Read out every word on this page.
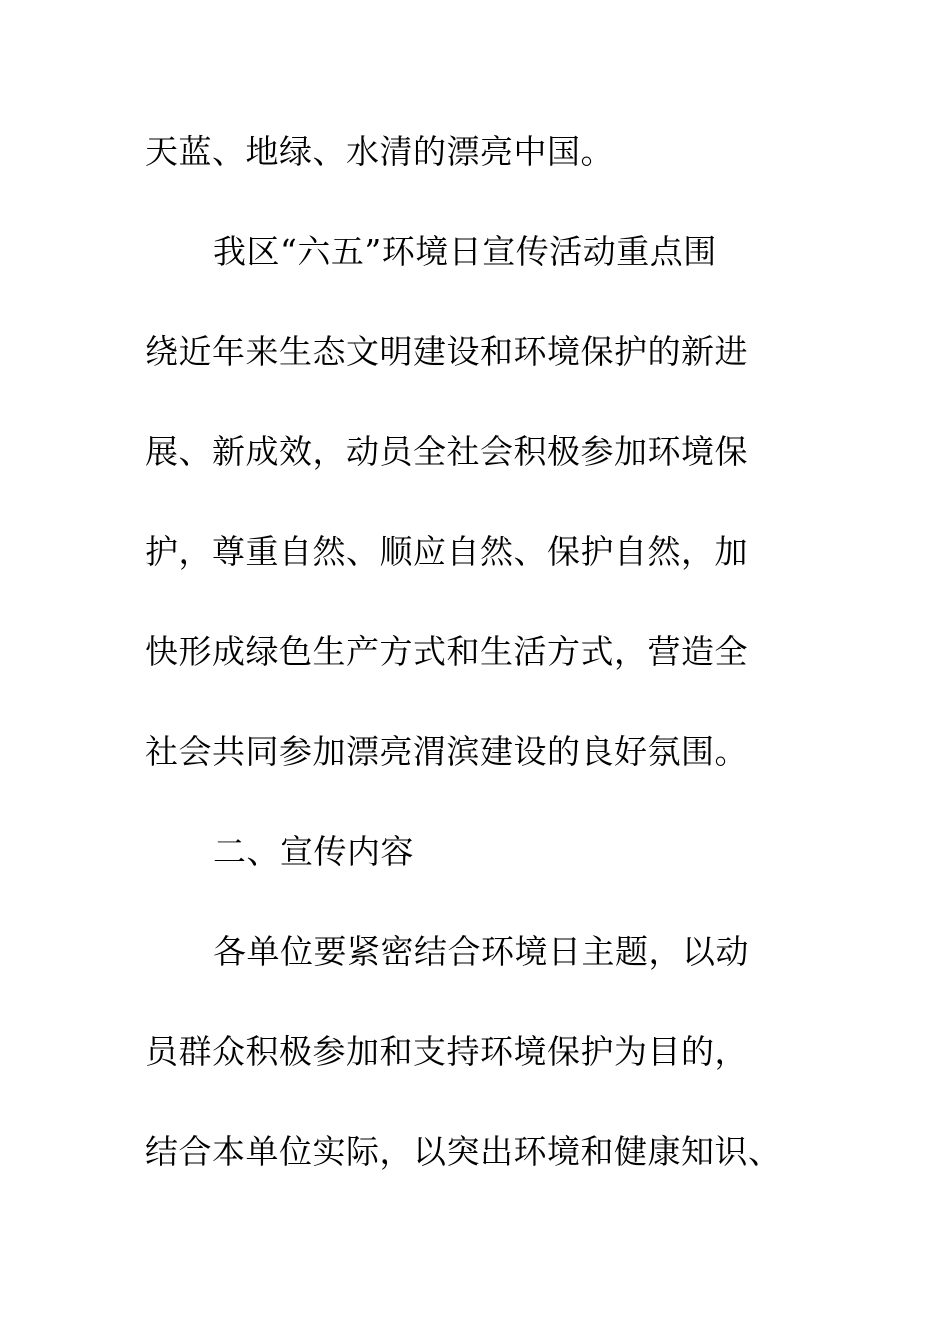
天蓝、地绿、水清的漂亮中国。
我区“六五”环境日宣传活动重点围
绕近年来生态文明建设和环境保护的新进
展、新成效，动员全社会积极参加环境保
护，尊重自然、顺应自然、保护自然，加
快形成绿色生产方式和生活方式，营造全
社会共同参加漂亮渭滨建设的良好氛围。
二、宣传内容
各单位要紧密结合环境日主题，以动
员群众积极参加和支持环境保护为目的，
结合本单位实际，以突出环境和健康知识、
